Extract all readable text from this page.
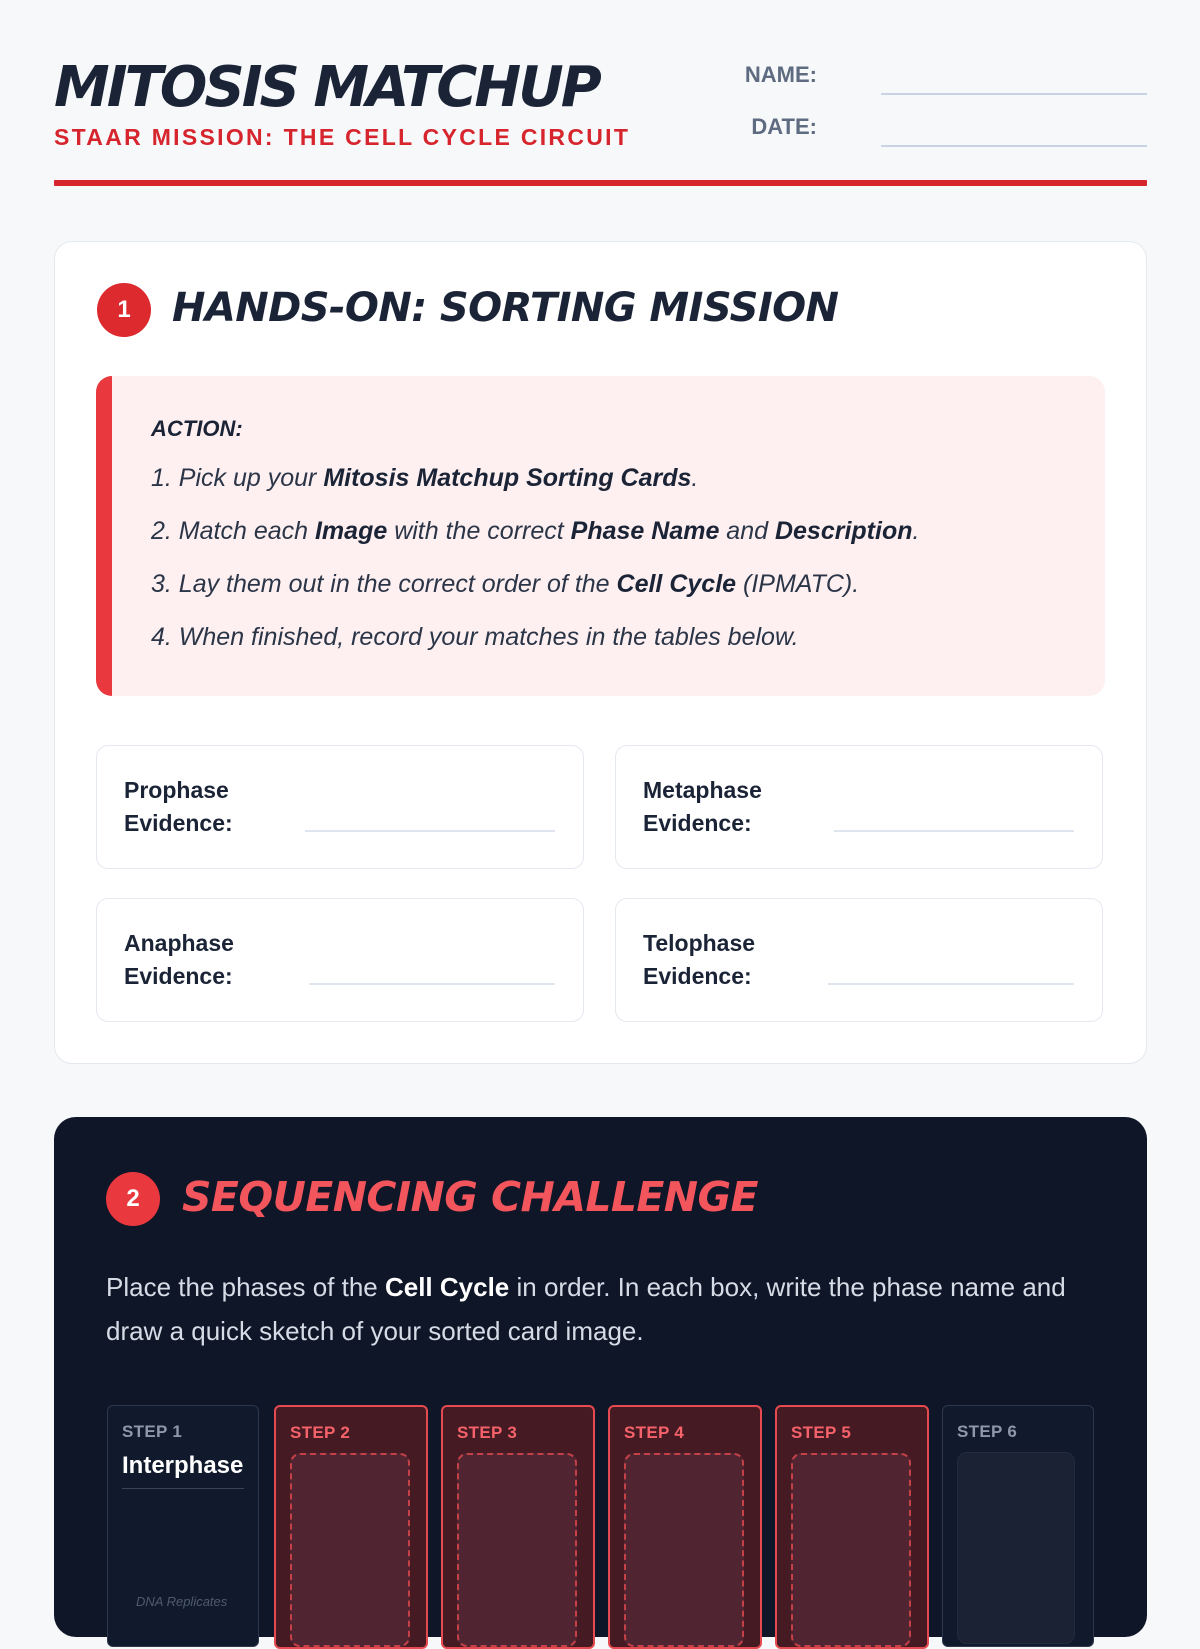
MITOSIS MATCHUP
STAAR MISSION: THE CELL CYCLE CIRCUIT
NAME:
DATE:
1	HANDS-ON: SORTING MISSION
ACTION:
1. Pick up your Mitosis Matchup Sorting Cards.
2. Match each Image with the correct Phase Name and Description.
3. Lay them out in the correct order of the Cell Cycle (IPMATC).
4. When finished, record your matches in the tables below.
Prophase
Evidence:
Metaphase
Evidence:
Anaphase
Evidence:
Telophase
Evidence:
2	SEQUENCING CHALLENGE
Place the phases of the Cell Cycle in order. In each box, write the phase name and draw a quick sketch of your sorted card image.
STEP 1
Interphase
DNA Replicates
STEP 2	STEP 3	STEP 4	STEP 5	STEP 6
